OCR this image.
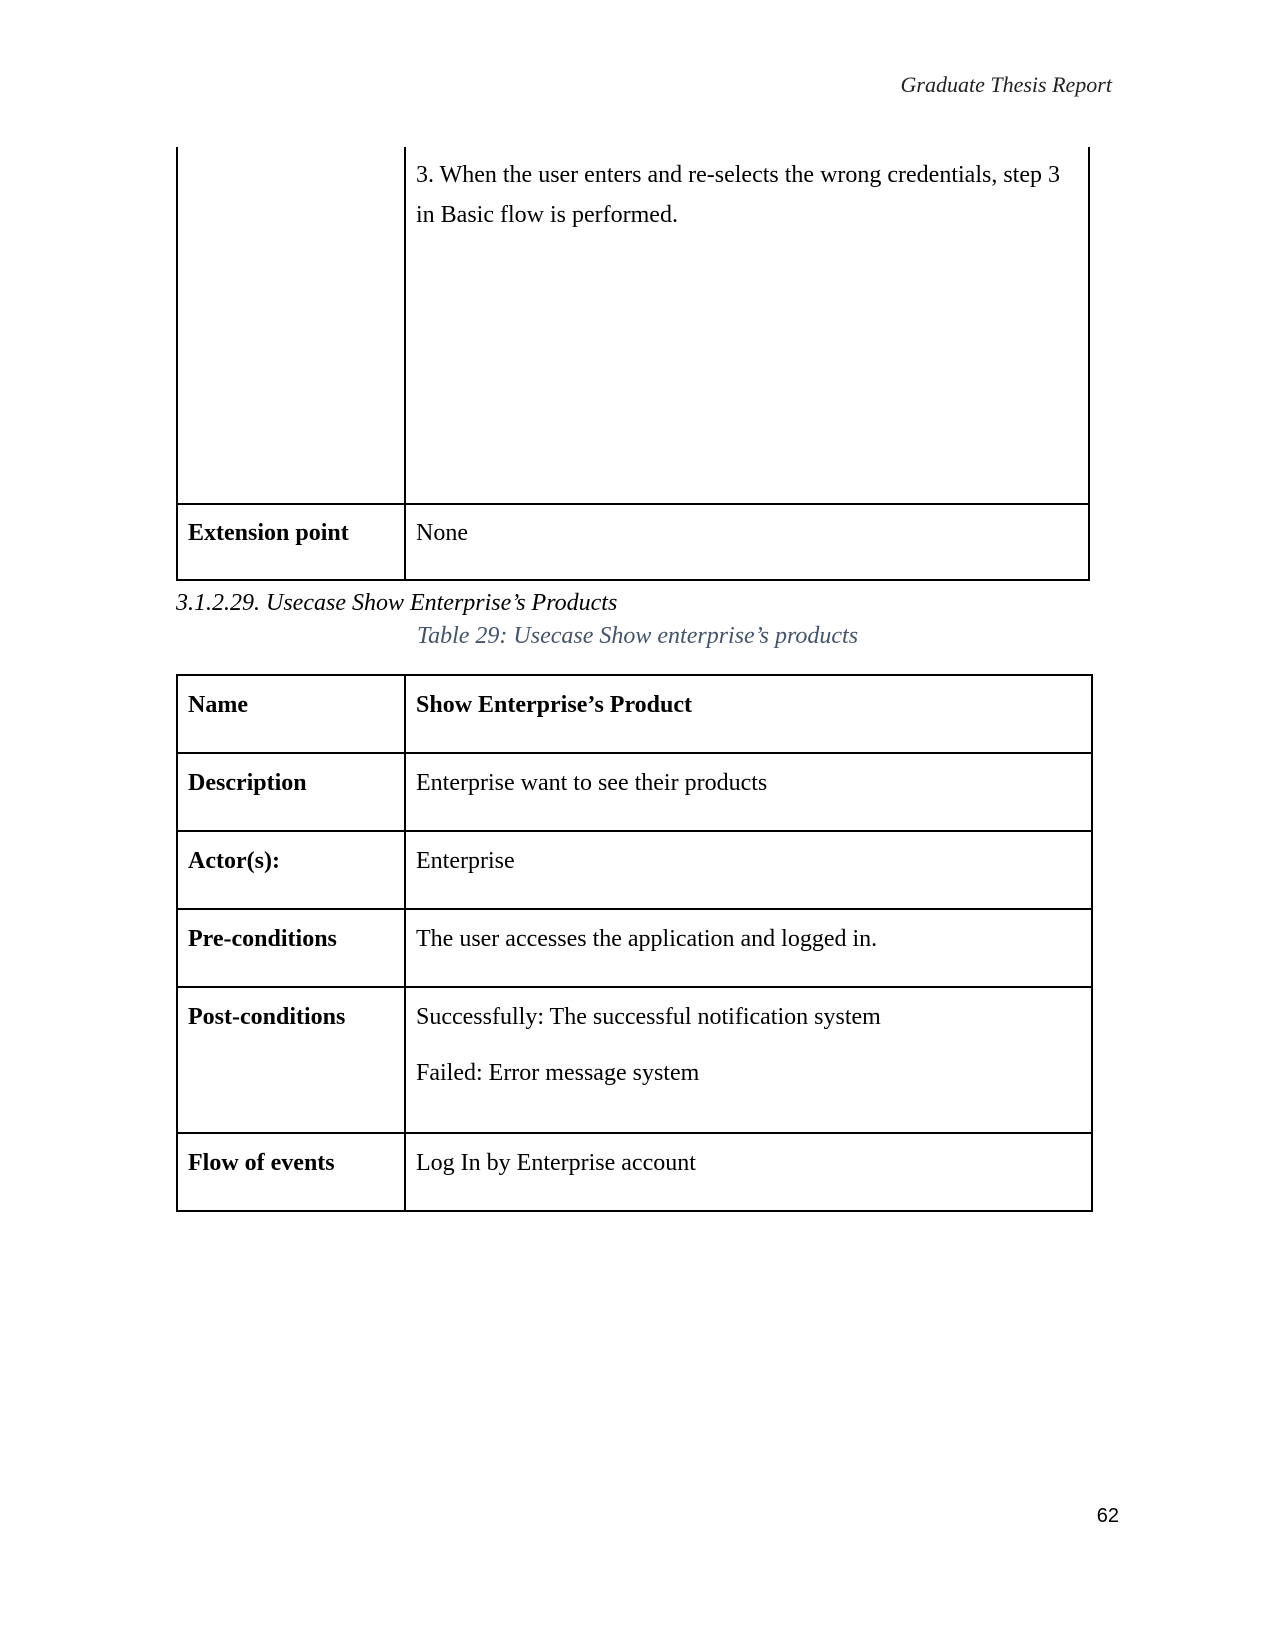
Graduate Thesis Report
	3. When the user enters and re-selects the wrong credentials, step 3 in Basic flow is performed.
Extension point	None
3.1.2.29. Usecase Show Enterprise’s Products
Table 29: Usecase Show enterprise’s products
Name	Show Enterprise’s Product
Description	Enterprise want to see their products
Actor(s):	Enterprise
Pre-conditions	The user accesses the application and logged in.
Post-conditions	Successfully: The successful notification system
Failed: Error message system

Flow of events	Log In by Enterprise account
62
